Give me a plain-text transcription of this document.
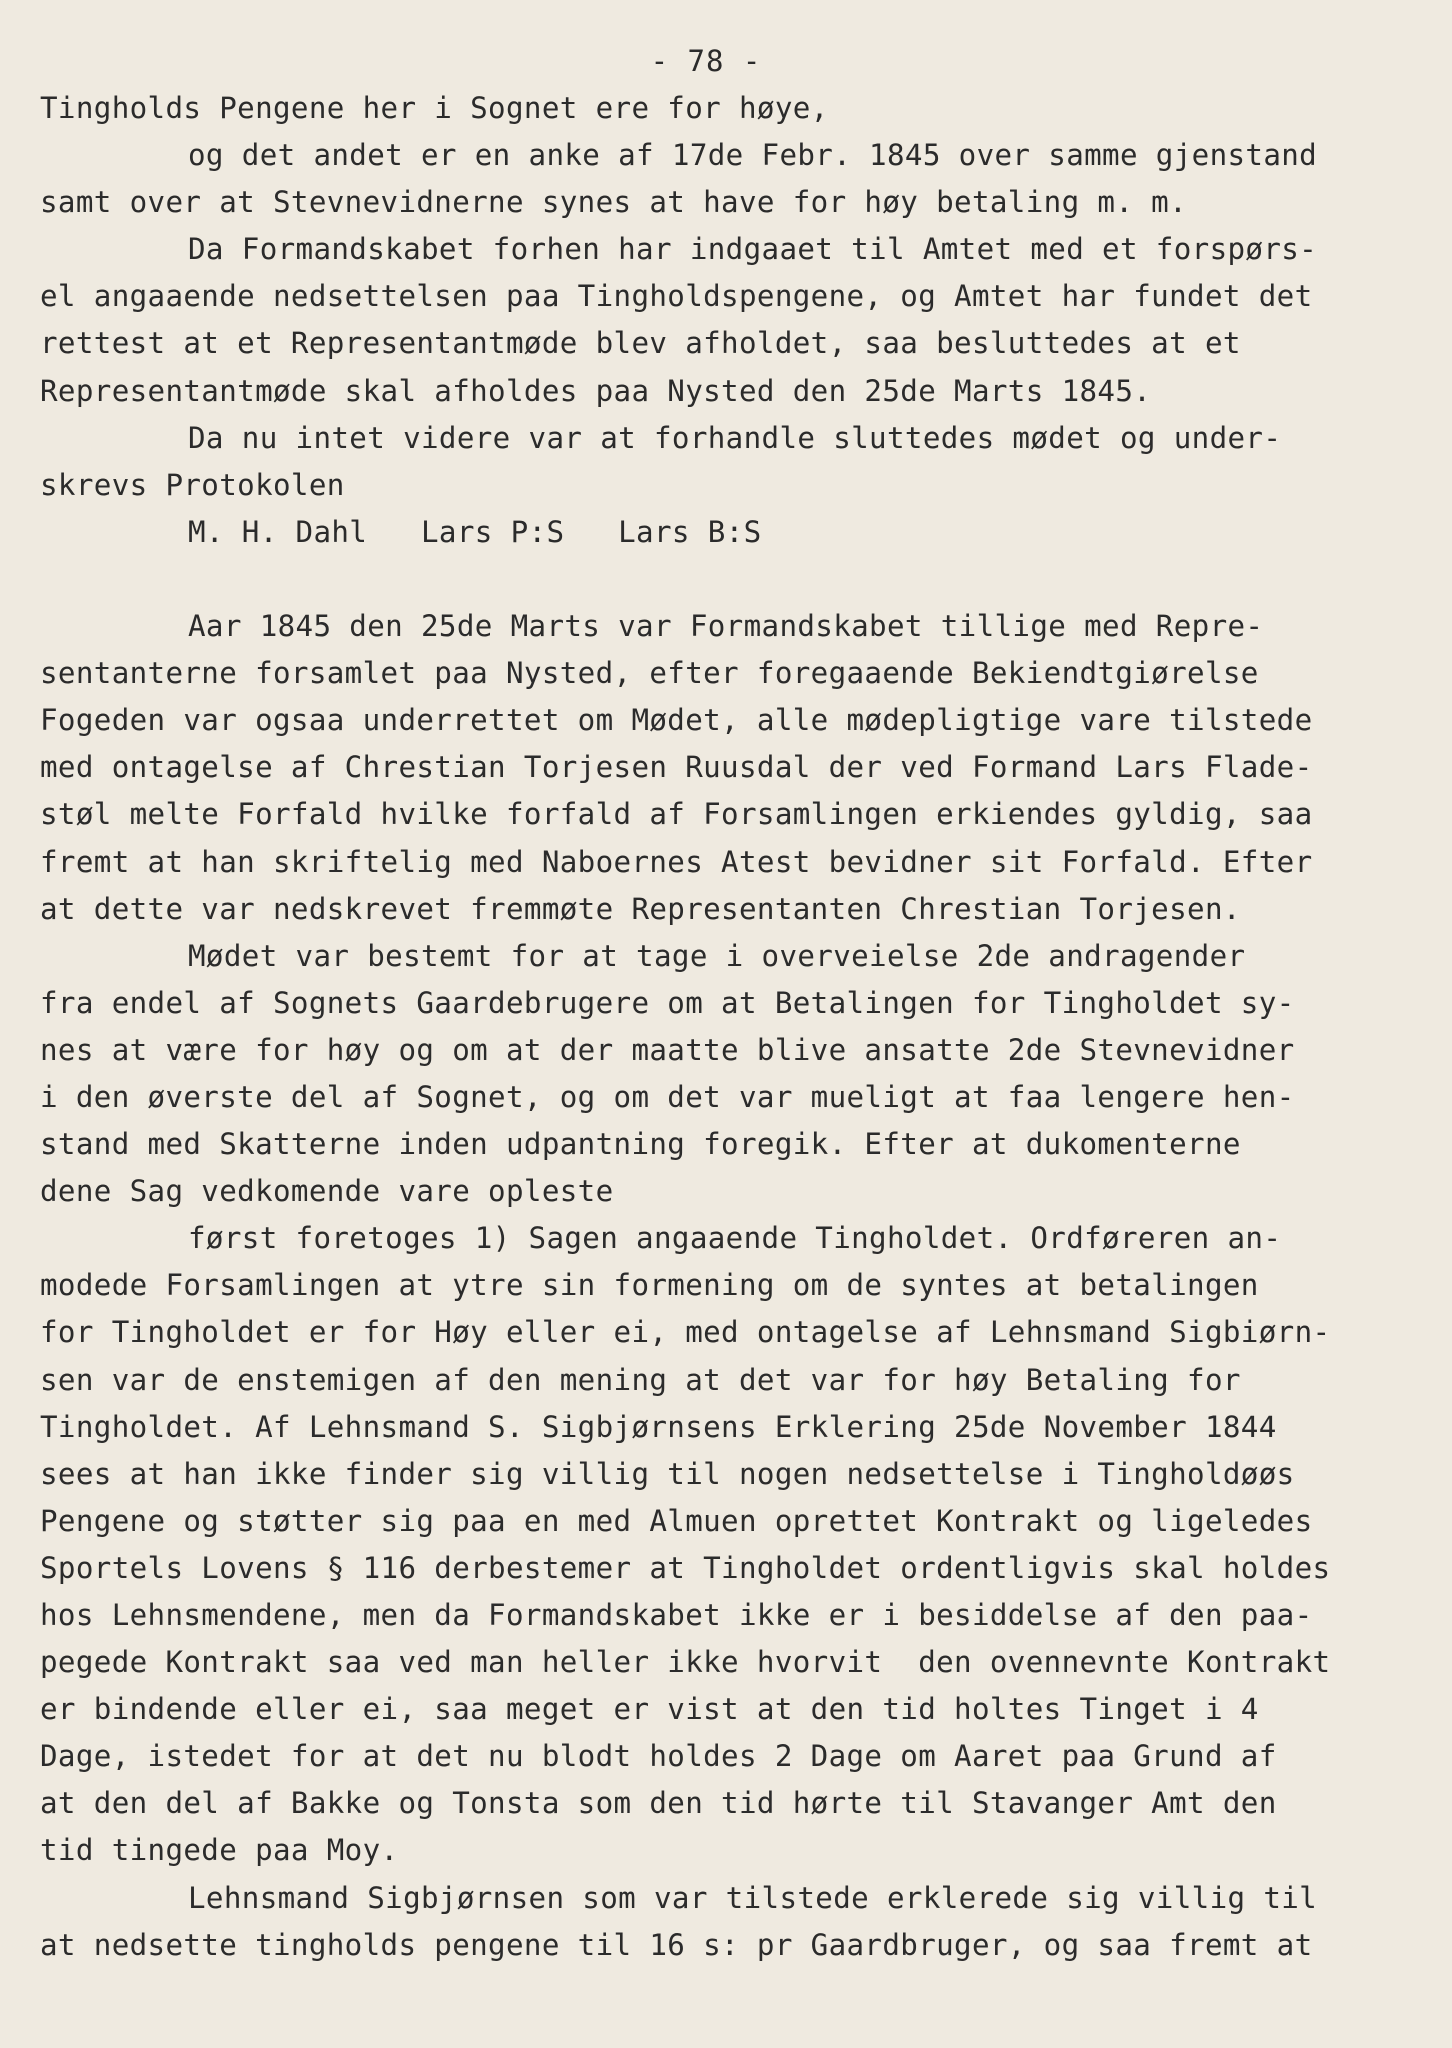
- 78 -
Tingholds Pengene her i Sognet ere for høye,
og det andet er en anke af 17de Febr. 1845 over samme gjenstand
samt over at Stevnevidnerne synes at have for høy betaling m. m.
Da Formandskabet forhen har indgaaet til Amtet med et forspørs-
el angaaende nedsettelsen paa Tingholdspengene, og Amtet har fundet det
rettest at et Representantmøde blev afholdet, saa besluttedes at et
Representantmøde skal afholdes paa Nysted den 25de Marts 1845.
Da nu intet videre var at forhandle sluttedes mødet og under-
skrevs Protokolen
M. H. Dahl   Lars P:S   Lars B:S
Aar 1845 den 25de Marts var Formandskabet tillige med Repre-
sentanterne forsamlet paa Nysted, efter foregaaende Bekiendtgiørelse
Fogeden var ogsaa underrettet om Mødet, alle mødepligtige vare tilstede
med ontagelse af Chrestian Torjesen Ruusdal der ved Formand Lars Flade-
støl melte Forfald hvilke forfald af Forsamlingen erkiendes gyldig, saa
fremt at han skriftelig med Naboernes Atest bevidner sit Forfald. Efter
at dette var nedskrevet fremmøte Representanten Chrestian Torjesen.
Mødet var bestemt for at tage i overveielse 2de andragender
fra endel af Sognets Gaardebrugere om at Betalingen for Tingholdet sy-
nes at være for høy og om at der maatte blive ansatte 2de Stevnevidner
i den øverste del af Sognet, og om det var mueligt at faa lengere hen-
stand med Skatterne inden udpantning foregik. Efter at dukomenterne
dene Sag vedkomende vare opleste
først foretoges 1) Sagen angaaende Tingholdet. Ordføreren an-
modede Forsamlingen at ytre sin formening om de syntes at betalingen
for Tingholdet er for Høy eller ei, med ontagelse af Lehnsmand Sigbiørn-
sen var de enstemigen af den mening at det var for høy Betaling for
Tingholdet. Af Lehnsmand S. Sigbjørnsens Erklering 25de November 1844
sees at han ikke finder sig villig til nogen nedsettelse i Tingholdøøs
Pengene og støtter sig paa en med Almuen oprettet Kontrakt og ligeledes
Sportels Lovens § 116 derbestemer at Tingholdet ordentligvis skal holdes
hos Lehnsmendene, men da Formandskabet ikke er i besiddelse af den paa-
pegede Kontrakt saa ved man heller ikke hvorvit  den ovennevnte Kontrakt
er bindende eller ei, saa meget er vist at den tid holtes Tinget i 4
Dage, istedet for at det nu blodt holdes 2 Dage om Aaret paa Grund af
at den del af Bakke og Tonsta som den tid hørte til Stavanger Amt den
tid tingede paa Moy.
Lehnsmand Sigbjørnsen som var tilstede erklerede sig villig til
at nedsette tingholds pengene til 16 s: pr Gaardbruger, og saa fremt at
